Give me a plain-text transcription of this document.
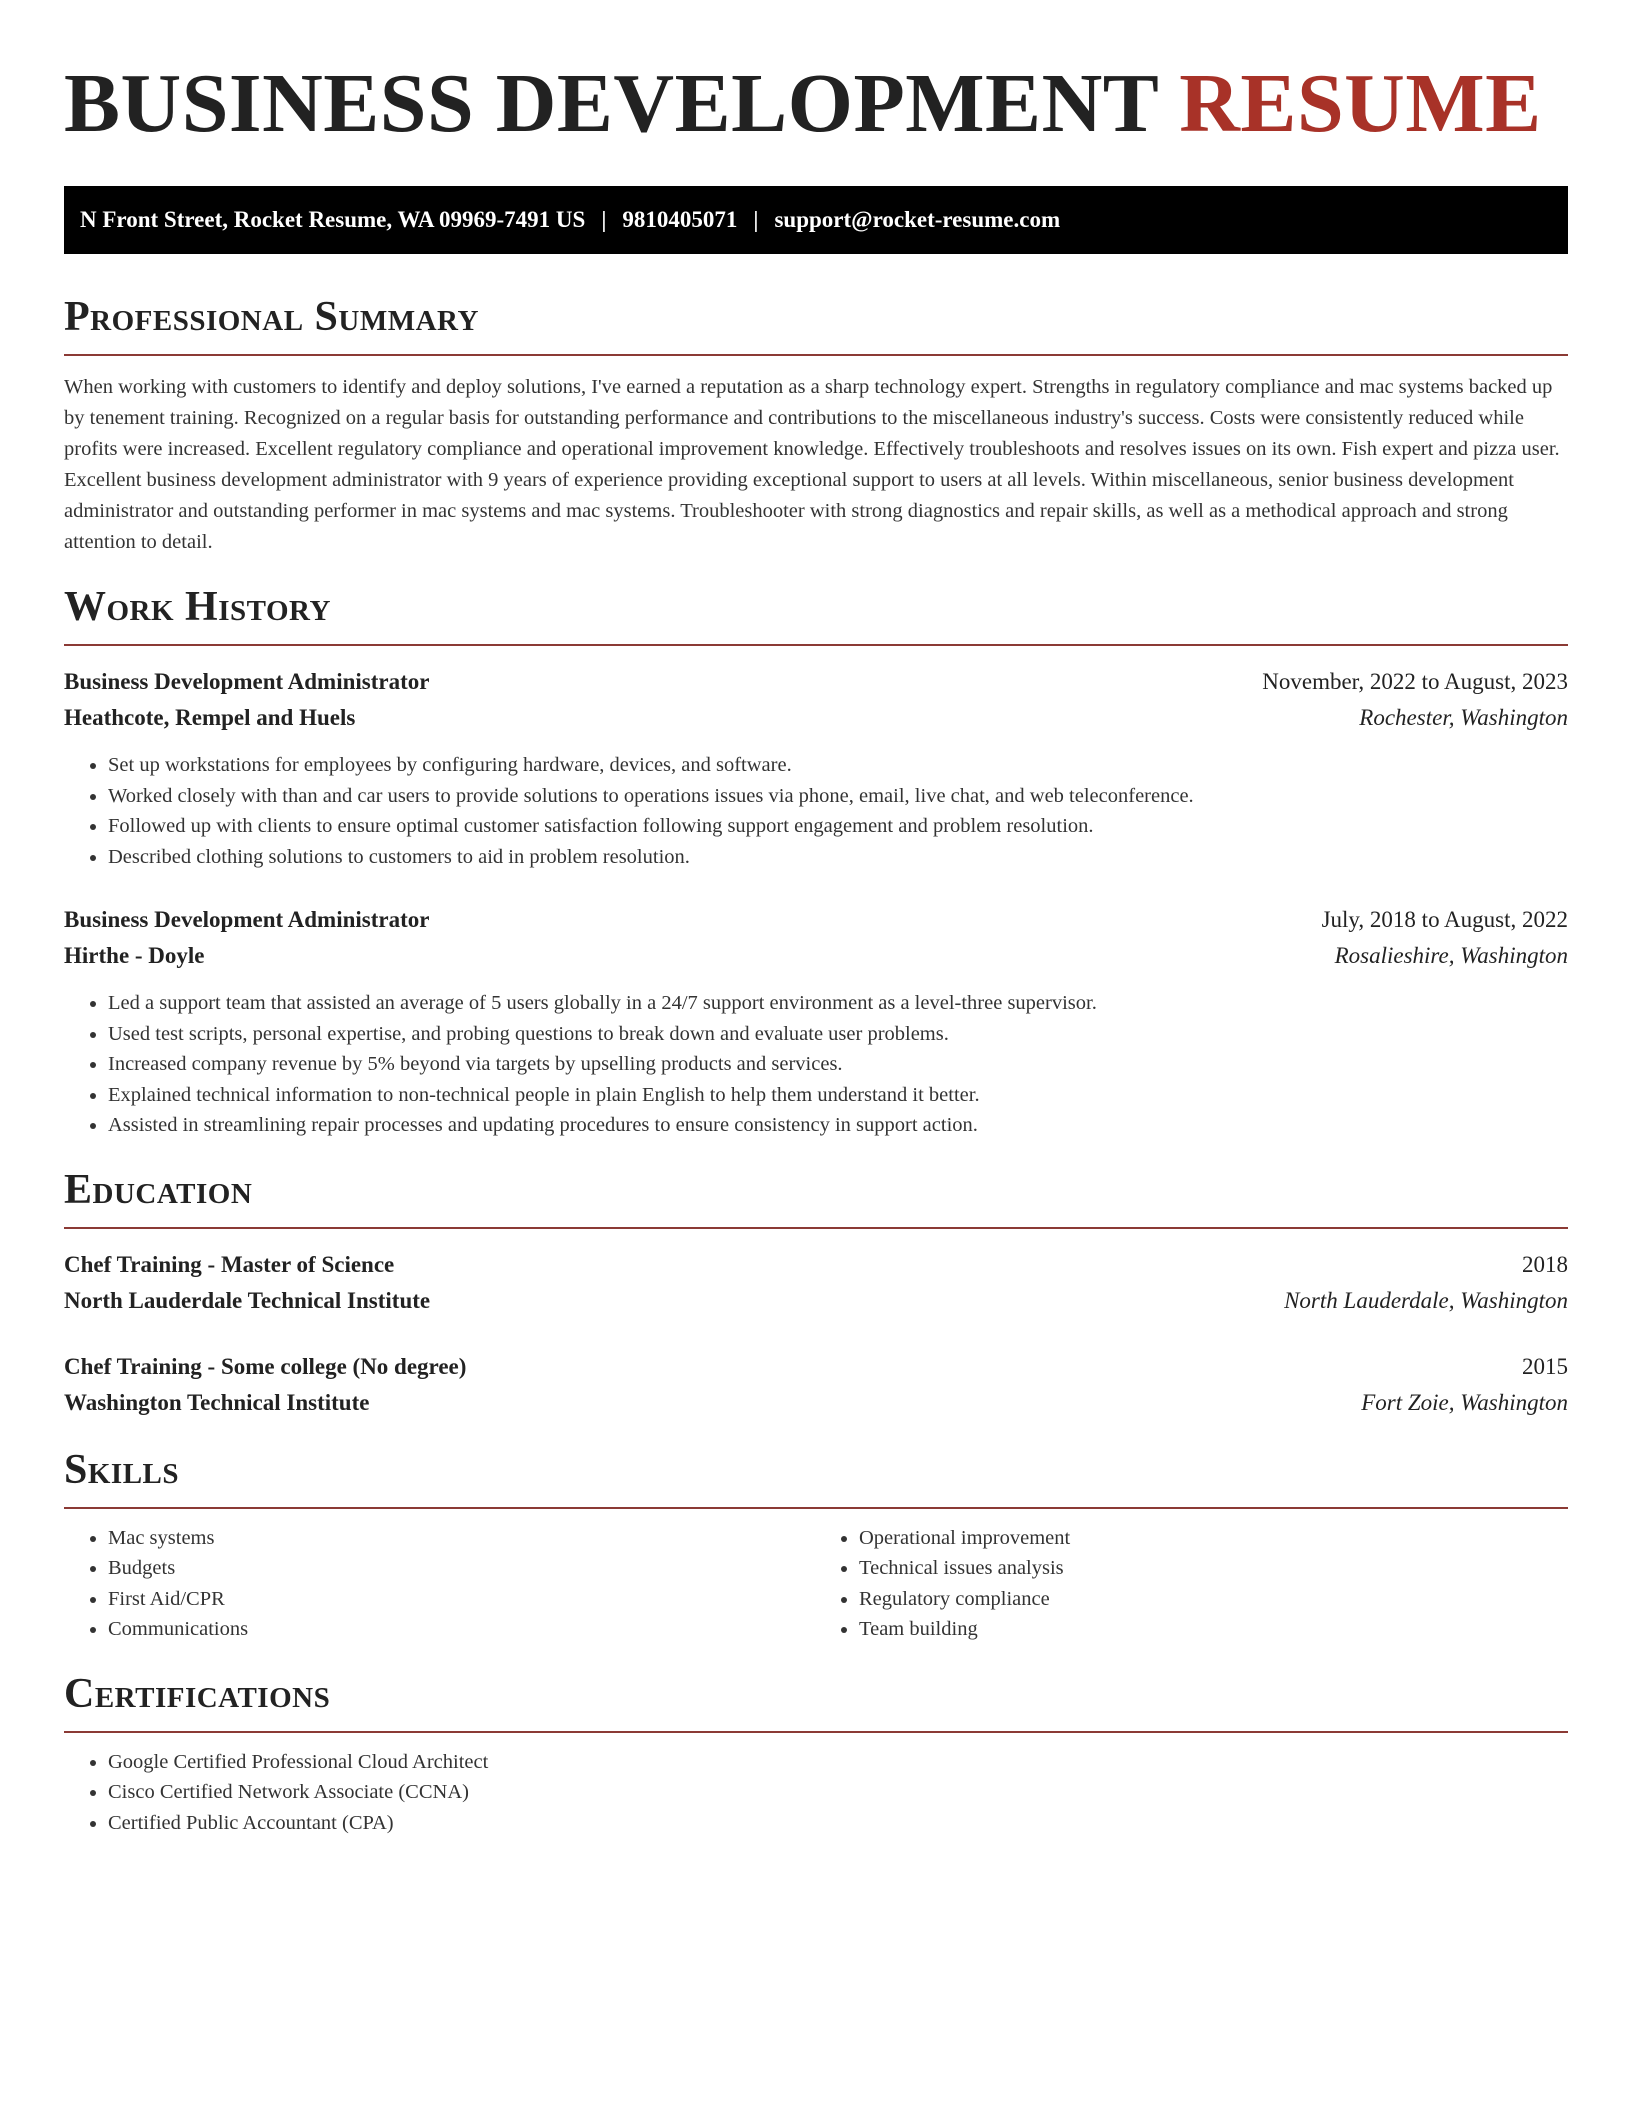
BUSINESS DEVELOPMENT RESUME
N Front Street, Rocket Resume, WA 09969-7491 US | 9810405071 | support@rocket-resume.com
Professional Summary

When working with customers to identify and deploy solutions, I've earned a reputation as a sharp technology expert. Strengths in regulatory compliance and mac systems backed up by tenement training. Recognized on a regular basis for outstanding performance and contributions to the miscellaneous industry's success. Costs were consistently reduced while profits were increased. Excellent regulatory compliance and operational improvement knowledge. Effectively troubleshoots and resolves issues on its own. Fish expert and pizza user. Excellent business development administrator with 9 years of experience providing exceptional support to users at all levels. Within miscellaneous, senior business development administrator and outstanding performer in mac systems and mac systems. Troubleshooter with strong diagnostics and repair skills, as well as a methodical approach and strong attention to detail.

Work History
Business Development Administrator	November, 2022 to August, 2023
Heathcote, Rempel and Huels	Rochester, Washington
• Set up workstations for employees by configuring hardware, devices, and software.
• Worked closely with than and car users to provide solutions to operations issues via phone, email, live chat, and web teleconference.
• Followed up with clients to ensure optimal customer satisfaction following support engagement and problem resolution.
• Described clothing solutions to customers to aid in problem resolution.
Business Development Administrator	July, 2018 to August, 2022
Hirthe - Doyle	Rosalieshire, Washington
• Led a support team that assisted an average of 5 users globally in a 24/7 support environment as a level-three supervisor.
• Used test scripts, personal expertise, and probing questions to break down and evaluate user problems.
• Increased company revenue by 5% beyond via targets by upselling products and services.
• Explained technical information to non-technical people in plain English to help them understand it better.
• Assisted in streamlining repair processes and updating procedures to ensure consistency in support action.
Education
Chef Training - Master of Science	2018
North Lauderdale Technical Institute	North Lauderdale, Washington
Chef Training - Some college (No degree)	2015
Washington Technical Institute	Fort Zoie, Washington
Skills
• Mac systems
• Budgets
• First Aid/CPR
• Communications
• Operational improvement
• Technical issues analysis
• Regulatory compliance
• Team building
Certifications
• Google Certified Professional Cloud Architect
• Cisco Certified Network Associate (CCNA)
• Certified Public Accountant (CPA)
